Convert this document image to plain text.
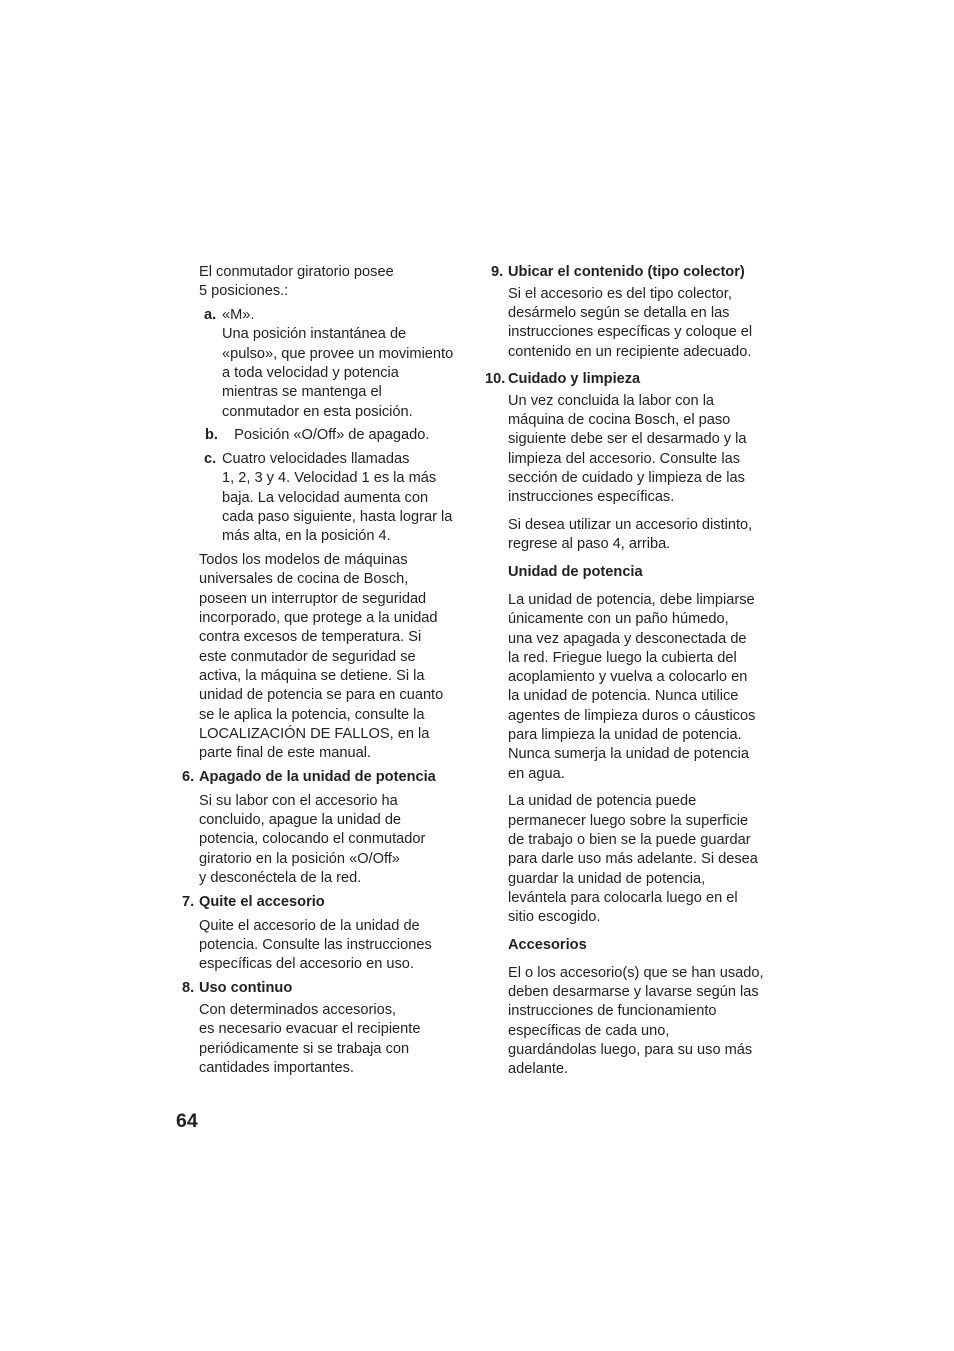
El conmutador giratorio posee
5 posiciones.:

a. «M».
Una posición instantánea de
«pulso», que provee un movimiento
a toda velocidad y potencia
mientras se mantenga el
conmutador en esta posición.
b. Posición «O/Off» de apagado.
c. Cuatro velocidades llamadas
1, 2, 3 y 4. Velocidad 1 es la más
baja. La velocidad aumenta con
cada paso siguiente, hasta lograr la
más alta, en la posición 4.

Todos los modelos de máquinas
universales de cocina de Bosch,
poseen un interruptor de seguridad
incorporado, que protege a la unidad
contra excesos de temperatura. Si
este conmutador de seguridad se
activa, la máquina se detiene. Si la
unidad de potencia se para en cuanto
se le aplica la potencia, consulte la
LOCALIZACIÓN DE FALLOS, en la
parte final de este manual.

6. Apagado de la unidad de potencia
Si su labor con el accesorio ha
concluido, apague la unidad de
potencia, colocando el conmutador
giratorio en la posición «O/Off»
y desconéctela de la red.
7. Quite el accesorio
Quite el accesorio de la unidad de
potencia. Consulte las instrucciones
específicas del accesorio en uso.
8. Uso continuo
Con determinados accesorios,
es necesario evacuar el recipiente
periódicamente si se trabaja con
cantidades importantes.
9. Ubicar el contenido (tipo colector)
Si el accesorio es del tipo colector,
desármelo según se detalla en las
instrucciones específicas y coloque el
contenido en un recipiente adecuado.
10. Cuidado y limpieza
Un vez concluida la labor con la
máquina de cocina Bosch, el paso
siguiente debe ser el desarmado y la
limpieza del accesorio. Consulte las
sección de cuidado y limpieza de las
instrucciones específicas.

Si desea utilizar un accesorio distinto,
regrese al paso 4, arriba.

Unidad de potencia

La unidad de potencia, debe limpiarse
únicamente con un paño húmedo,
una vez apagada y desconectada de
la red. Friegue luego la cubierta del
acoplamiento y vuelva a colocarlo en
la unidad de potencia. Nunca utilice
agentes de limpieza duros o cáusticos
para limpieza la unidad de potencia.
Nunca sumerja la unidad de potencia
en agua.

La unidad de potencia puede
permanecer luego sobre la superficie
de trabajo o bien se la puede guardar
para darle uso más adelante. Si desea
guardar la unidad de potencia,
levántela para colocarla luego en el
sitio escogido.

Accesorios

El o los accesorio(s) que se han usado,
deben desarmarse y lavarse según las
instrucciones de funcionamiento
específicas de cada uno,
guardándolas luego, para su uso más
adelante.

64
